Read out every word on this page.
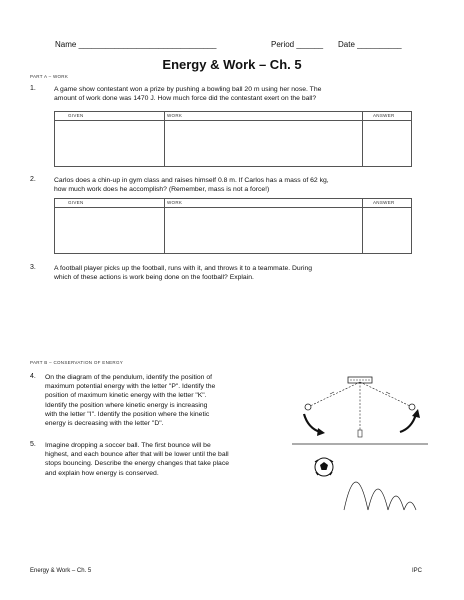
Name _______________________________	Period ______ Date __________
Energy & Work – Ch. 5
PART A – WORK
1.	A game show contestant won a prize by pushing a bowling ball 20 m using her nose. The
amount of work done was 1470 J. How much force did the contestant exert on the ball?
GIVEN	WORK	ANSWER
2.	Carlos does a chin-up in gym class and raises himself 0.8 m. If Carlos has a mass of 62 kg,
how much work does he accomplish? (Remember, mass is not a force!)
GIVEN	WORK	ANSWER
3.	A football player picks up the football, runs with it, and throws it to a teammate. During
which of these actions is work being done on the football? Explain.
PART B – CONSERVATION OF ENERGY
4. On the diagram of the pendulum, identify the position of
maximum potential energy with the letter "P". Identify the
position of maximum kinetic energy with the letter "K".
Identify the position where kinetic energy is increasing
with the letter "I". Identify the position where the kinetic
energy is decreasing with the letter "D".
5. Imagine dropping a soccer ball. The first bounce will be
highest, and each bounce after that will be lower until the ball
stops bouncing. Describe the energy changes that take place
and explain how energy is conserved.
Energy & Work – Ch. 5	IPC
